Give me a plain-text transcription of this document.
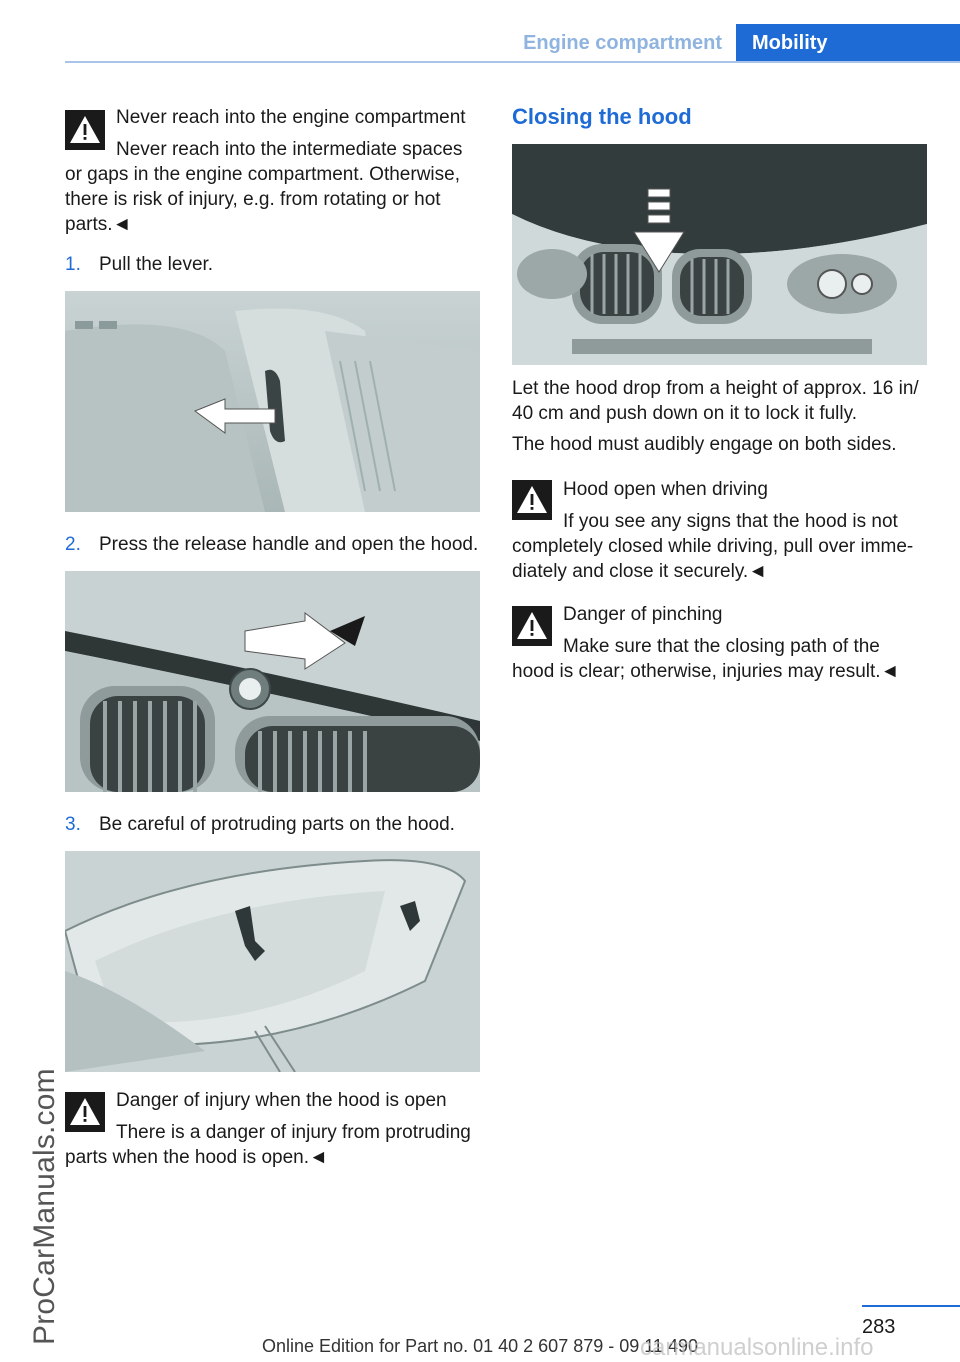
Engine compartment	Mobility
ProCarManuals.com
Never reach into the engine compartment
Never reach into the intermediate spaces
or gaps in the engine compartment. Otherwise,
there is risk of injury, e.g. from rotating or hot
parts.◄
1. Pull the lever.
2. Press the release handle and open the hood.
3. Be careful of protruding parts on the hood.
Danger of injury when the hood is open
There is a danger of injury from protruding
parts when the hood is open.◄
Closing the hood
Let the hood drop from a height of approx. 16 in/
40 cm and push down on it to lock it fully.
The hood must audibly engage on both sides.
Hood open when driving
If you see any signs that the hood is not
completely closed while driving, pull over imme‐
diately and close it securely.◄
Danger of pinching
Make sure that the closing path of the
hood is clear; otherwise, injuries may result.◄
283
Online Edition for Part no. 01 40 2 607 879 - 09 11 490
carmanualsonline.info
